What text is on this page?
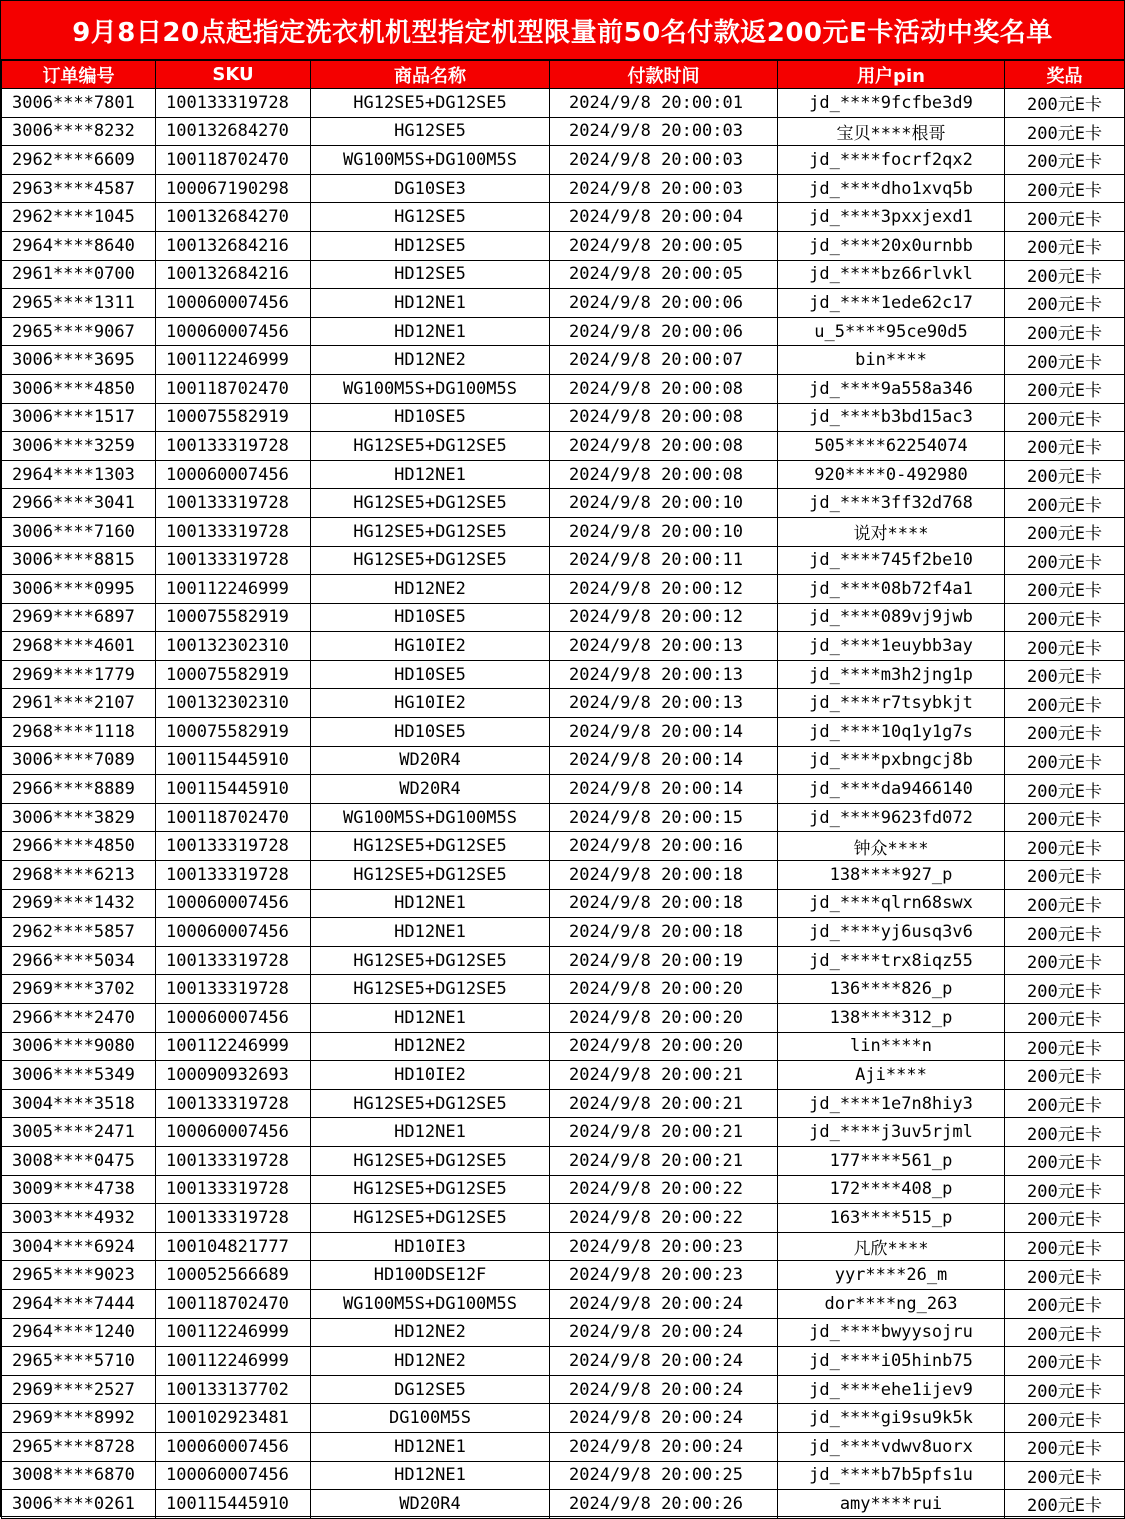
9月8日20点起指定洗衣机机型指定机型限量前50名付款返200元E卡活动中奖名单
订单编号	SKU	商品名称	付款时间	用户pin	奖品
3006****7801	100133319728	HG12SE5+DG12SE5	2024/9/8 20:00:01	jd_****9fcfbe3d9	200元E卡
3006****8232	100132684270	HG12SE5	2024/9/8 20:00:03	宝贝****根哥	200元E卡
2962****6609	100118702470	WG100M5S+DG100M5S	2024/9/8 20:00:03	jd_****focrf2qx2	200元E卡
2963****4587	100067190298	DG10SE3	2024/9/8 20:00:03	jd_****dho1xvq5b	200元E卡
2962****1045	100132684270	HG12SE5	2024/9/8 20:00:04	jd_****3pxxjexd1	200元E卡
2964****8640	100132684216	HD12SE5	2024/9/8 20:00:05	jd_****20x0urnbb	200元E卡
2961****0700	100132684216	HD12SE5	2024/9/8 20:00:05	jd_****bz66rlvkl	200元E卡
2965****1311	100060007456	HD12NE1	2024/9/8 20:00:06	jd_****1ede62c17	200元E卡
2965****9067	100060007456	HD12NE1	2024/9/8 20:00:06	u_5****95ce90d5	200元E卡
3006****3695	100112246999	HD12NE2	2024/9/8 20:00:07	bin****	200元E卡
3006****4850	100118702470	WG100M5S+DG100M5S	2024/9/8 20:00:08	jd_****9a558a346	200元E卡
3006****1517	100075582919	HD10SE5	2024/9/8 20:00:08	jd_****b3bd15ac3	200元E卡
3006****3259	100133319728	HG12SE5+DG12SE5	2024/9/8 20:00:08	505****62254074	200元E卡
2964****1303	100060007456	HD12NE1	2024/9/8 20:00:08	920****0-492980	200元E卡
2966****3041	100133319728	HG12SE5+DG12SE5	2024/9/8 20:00:10	jd_****3ff32d768	200元E卡
3006****7160	100133319728	HG12SE5+DG12SE5	2024/9/8 20:00:10	说对****	200元E卡
3006****8815	100133319728	HG12SE5+DG12SE5	2024/9/8 20:00:11	jd_****745f2be10	200元E卡
3006****0995	100112246999	HD12NE2	2024/9/8 20:00:12	jd_****08b72f4a1	200元E卡
2969****6897	100075582919	HD10SE5	2024/9/8 20:00:12	jd_****089vj9jwb	200元E卡
2968****4601	100132302310	HG10IE2	2024/9/8 20:00:13	jd_****1euybb3ay	200元E卡
2969****1779	100075582919	HD10SE5	2024/9/8 20:00:13	jd_****m3h2jng1p	200元E卡
2961****2107	100132302310	HG10IE2	2024/9/8 20:00:13	jd_****r7tsybkjt	200元E卡
2968****1118	100075582919	HD10SE5	2024/9/8 20:00:14	jd_****10q1y1g7s	200元E卡
3006****7089	100115445910	WD20R4	2024/9/8 20:00:14	jd_****pxbngcj8b	200元E卡
2966****8889	100115445910	WD20R4	2024/9/8 20:00:14	jd_****da9466140	200元E卡
3006****3829	100118702470	WG100M5S+DG100M5S	2024/9/8 20:00:15	jd_****9623fd072	200元E卡
2966****4850	100133319728	HG12SE5+DG12SE5	2024/9/8 20:00:16	钟众****	200元E卡
2968****6213	100133319728	HG12SE5+DG12SE5	2024/9/8 20:00:18	138****927_p	200元E卡
2969****1432	100060007456	HD12NE1	2024/9/8 20:00:18	jd_****qlrn68swx	200元E卡
2962****5857	100060007456	HD12NE1	2024/9/8 20:00:18	jd_****yj6usq3v6	200元E卡
2966****5034	100133319728	HG12SE5+DG12SE5	2024/9/8 20:00:19	jd_****trx8iqz55	200元E卡
2969****3702	100133319728	HG12SE5+DG12SE5	2024/9/8 20:00:20	136****826_p	200元E卡
2966****2470	100060007456	HD12NE1	2024/9/8 20:00:20	138****312_p	200元E卡
3006****9080	100112246999	HD12NE2	2024/9/8 20:00:20	lin****n	200元E卡
3006****5349	100090932693	HD10IE2	2024/9/8 20:00:21	Aji****	200元E卡
3004****3518	100133319728	HG12SE5+DG12SE5	2024/9/8 20:00:21	jd_****1e7n8hiy3	200元E卡
3005****2471	100060007456	HD12NE1	2024/9/8 20:00:21	jd_****j3uv5rjml	200元E卡
3008****0475	100133319728	HG12SE5+DG12SE5	2024/9/8 20:00:21	177****561_p	200元E卡
3009****4738	100133319728	HG12SE5+DG12SE5	2024/9/8 20:00:22	172****408_p	200元E卡
3003****4932	100133319728	HG12SE5+DG12SE5	2024/9/8 20:00:22	163****515_p	200元E卡
3004****6924	100104821777	HD10IE3	2024/9/8 20:00:23	凡欣****	200元E卡
2965****9023	100052566689	HD100DSE12F	2024/9/8 20:00:23	yyr****26_m	200元E卡
2964****7444	100118702470	WG100M5S+DG100M5S	2024/9/8 20:00:24	dor****ng_263	200元E卡
2964****1240	100112246999	HD12NE2	2024/9/8 20:00:24	jd_****bwyysojru	200元E卡
2965****5710	100112246999	HD12NE2	2024/9/8 20:00:24	jd_****i05hinb75	200元E卡
2969****2527	100133137702	DG12SE5	2024/9/8 20:00:24	jd_****ehe1ijev9	200元E卡
2969****8992	100102923481	DG100M5S	2024/9/8 20:00:24	jd_****gi9su9k5k	200元E卡
2965****8728	100060007456	HD12NE1	2024/9/8 20:00:24	jd_****vdwv8uorx	200元E卡
3008****6870	100060007456	HD12NE1	2024/9/8 20:00:25	jd_****b7b5pfs1u	200元E卡
3006****0261	100115445910	WD20R4	2024/9/8 20:00:26	amy****rui	200元E卡
